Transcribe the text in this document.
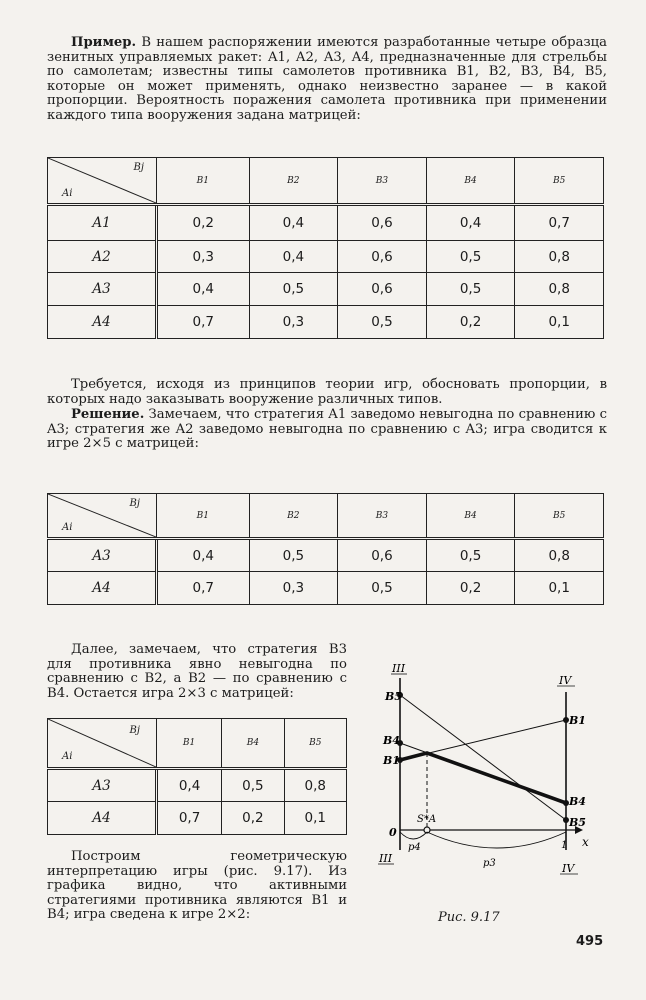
Пример. В нашем распоряжении имеются разработанные четыре образца зенитных управляемых ракет: A1, A2, A3, A4, предназначенные для стрельбы по самолетам; известны типы самолетов противника B1, B2, B3, B4, B5, которые он может применять, однако неизвестно заранее — в какой пропорции. Вероятность поражения самолета противника при применении каждого типа вооружения задана матрицей:

Bj
Ai	B1	B2	B3	B4	B5
A1	0,2	0,4	0,6	0,4	0,7
A2	0,3	0,4	0,6	0,5	0,8
A3	0,4	0,5	0,6	0,5	0,8
A4	0,7	0,3	0,5	0,2	0,1

Требуется, исходя из принципов теории игр, обосновать пропорции, в которых надо заказывать вооружение различных типов.

Решение. Замечаем, что стратегия A1 заведомо невыгодна по сравнению с A3; стратегия же A2 заведомо невыгодна по сравнению с A3; игра сводится к игре 2×5 с матрицей:

Bj
Ai	B1	B2	B3	B4	B5
A3	0,4	0,5	0,6	0,5	0,8
A4	0,7	0,3	0,5	0,2	0,1

Далее, замечаем, что стратегия B3 для противника явно невыгодна по сравнению с B2, а B2 — по сравнению с B4. Остается игра 2×3 с матрицей:

Bj
Ai	B1	B4	B5
A3	0,4	0,5	0,8
A4	0,7	0,2	0,1

Построим геометрическую интерпретацию игры (рис. 9.17). Из графика видно, что активными стратегиями противника являются B1 и B4; игра сведена к игре 2×2:

III
IV
B5
B4
B1
B1
B4
B5
0
1 x
S*A
p4
p3
III
IV
Рис. 9.17
495
